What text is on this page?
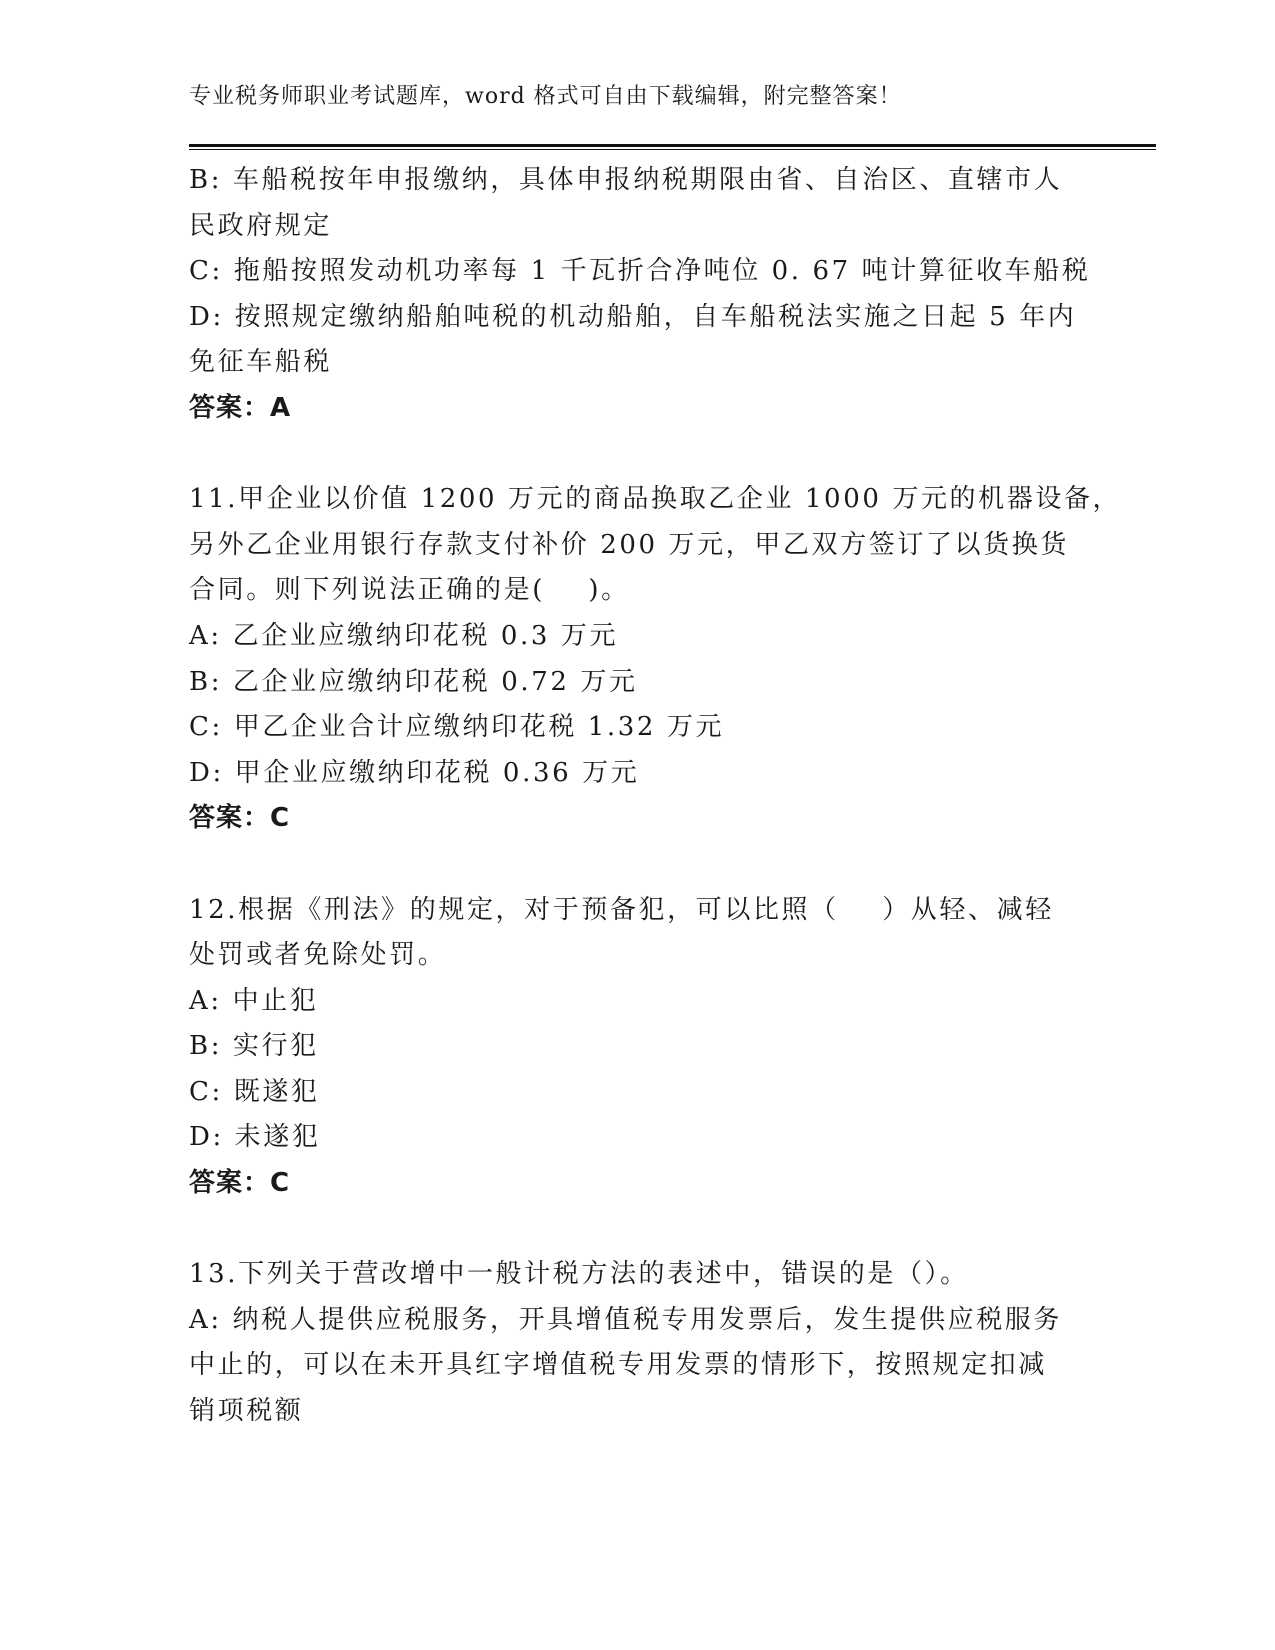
专业税务师职业考试题库，word 格式可自由下载编辑，附完整答案！
B: 车船税按年申报缴纳，具体申报纳税期限由省、自治区、直辖市人
民政府规定
C: 拖船按照发动机功率每 1 千瓦折合净吨位 0. 67 吨计算征收车船税
D: 按照规定缴纳船舶吨税的机动船舶，自车船税法实施之日起 5 年内
免征车船税
答案：A
11.甲企业以价值 1200 万元的商品换取乙企业 1000 万元的机器设备，
另外乙企业用银行存款支付补价 200 万元，甲乙双方签订了以货换货
合同。则下列说法正确的是(    )。
A: 乙企业应缴纳印花税 0.3 万元
B: 乙企业应缴纳印花税 0.72 万元
C: 甲乙企业合计应缴纳印花税 1.32 万元
D: 甲企业应缴纳印花税 0.36 万元
答案：C
12.根据《刑法》的规定，对于预备犯，可以比照（    ）从轻、减轻
处罚或者免除处罚。
A: 中止犯
B: 实行犯
C: 既遂犯
D: 未遂犯
答案：C
13.下列关于营改增中一般计税方法的表述中，错误的是（）。
A: 纳税人提供应税服务，开具增值税专用发票后，发生提供应税服务
中止的，可以在未开具红字增值税专用发票的情形下，按照规定扣减
销项税额
